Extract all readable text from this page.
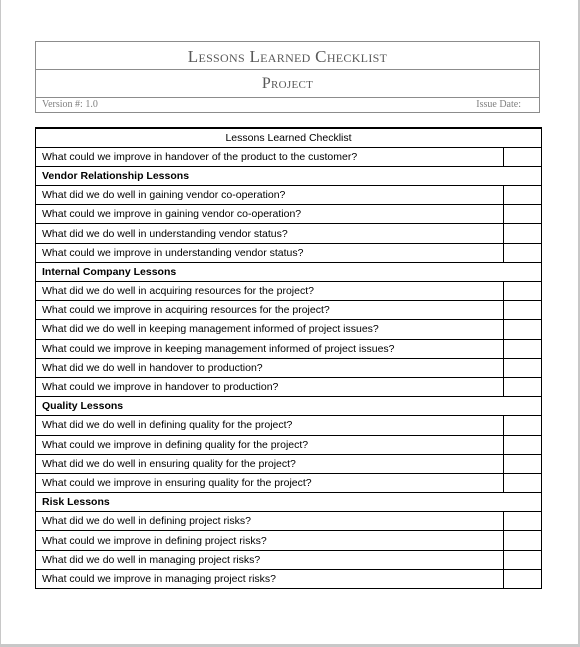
Lessons Learned Checklist
Project
Version #: 1.0	Issue Date:
Lessons Learned Checklist	
What could we improve in handover of the product to the customer?	
Vendor Relationship Lessons	
What did we do well in gaining vendor co-operation?	
What could we improve in gaining vendor co-operation?	
What did we do well in understanding vendor status?	
What could we improve in understanding vendor status?	
Internal Company Lessons	
What did we do well in acquiring resources for the project?	
What could we improve in acquiring resources for the project?	
What did we do well in keeping management informed of project issues?	
What could we improve in keeping management informed of project issues?	
What did we do well in handover to production?	
What could we improve in handover to production?	
Quality Lessons	
What did we do well in defining quality for the project?	
What could we improve in defining quality for the project?	
What did we do well in ensuring quality for the project?	
What could we improve in ensuring quality for the project?	
Risk Lessons	
What did we do well in defining project risks?	
What could we improve in defining project risks?	
What did we do well in managing project risks?	
What could we improve in managing project risks?	
